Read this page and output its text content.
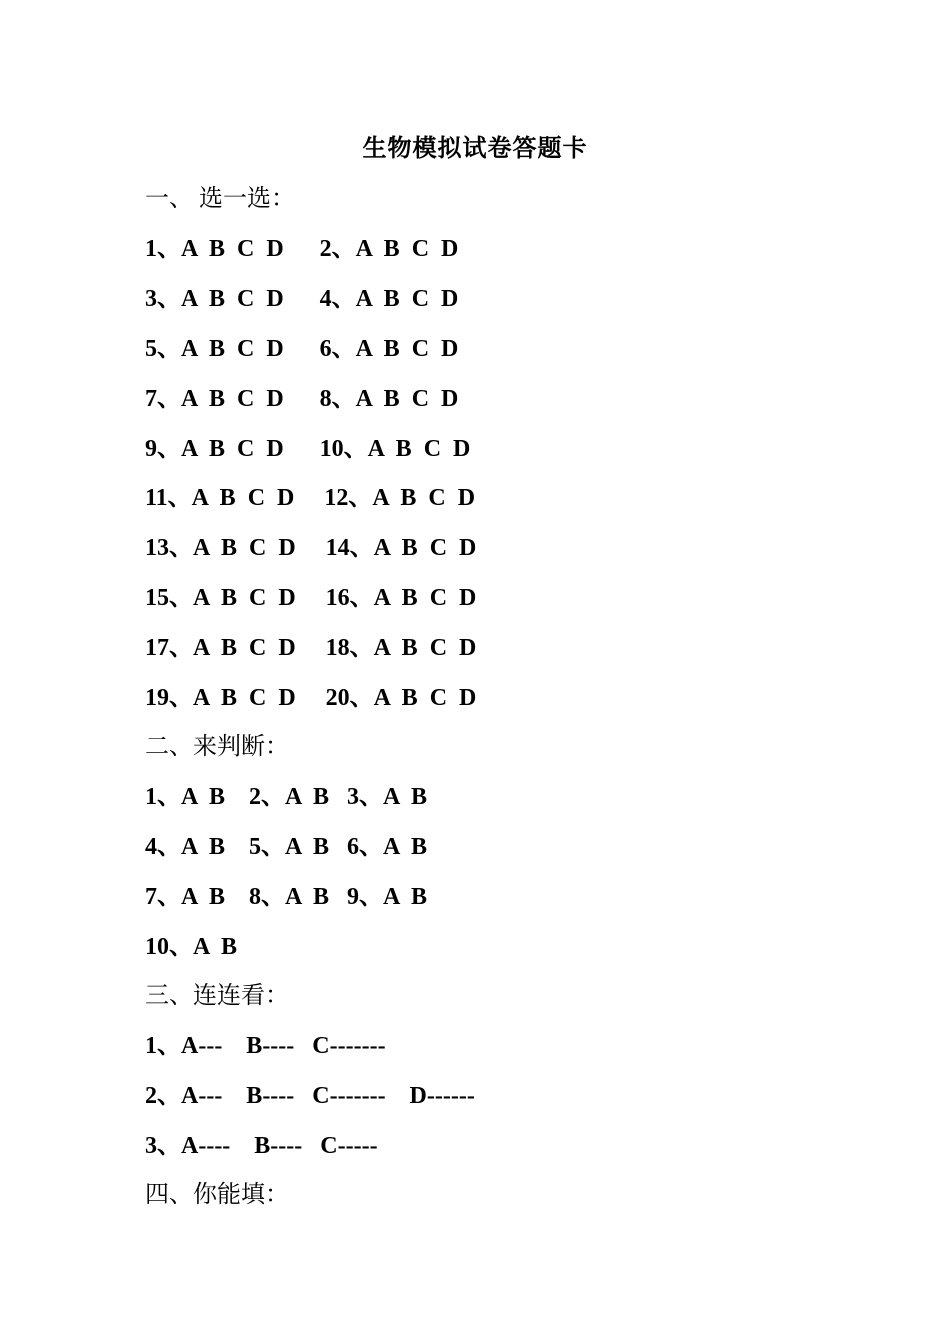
生物模拟试卷答题卡
一、 选一选：
1、A  B  C  D      2、A  B  C  D
3、A  B  C  D      4、A  B  C  D
5、A  B  C  D      6、A  B  C  D
7、A  B  C  D      8、A  B  C  D
9、A  B  C  D      10、A  B  C  D
11、A  B  C  D     12、A  B  C  D
13、A  B  C  D     14、A  B  C  D
15、A  B  C  D     16、A  B  C  D
17、A  B  C  D     18、A  B  C  D
19、A  B  C  D     20、A  B  C  D
二、来判断：
1、A  B    2、A  B   3、A  B
4、A  B    5、A  B   6、A  B
7、A  B    8、A  B   9、A  B
10、A  B
三、连连看：
1、A---    B----   C-------
2、A---    B----   C-------    D------
3、A----    B----   C-----
四、你能填：
